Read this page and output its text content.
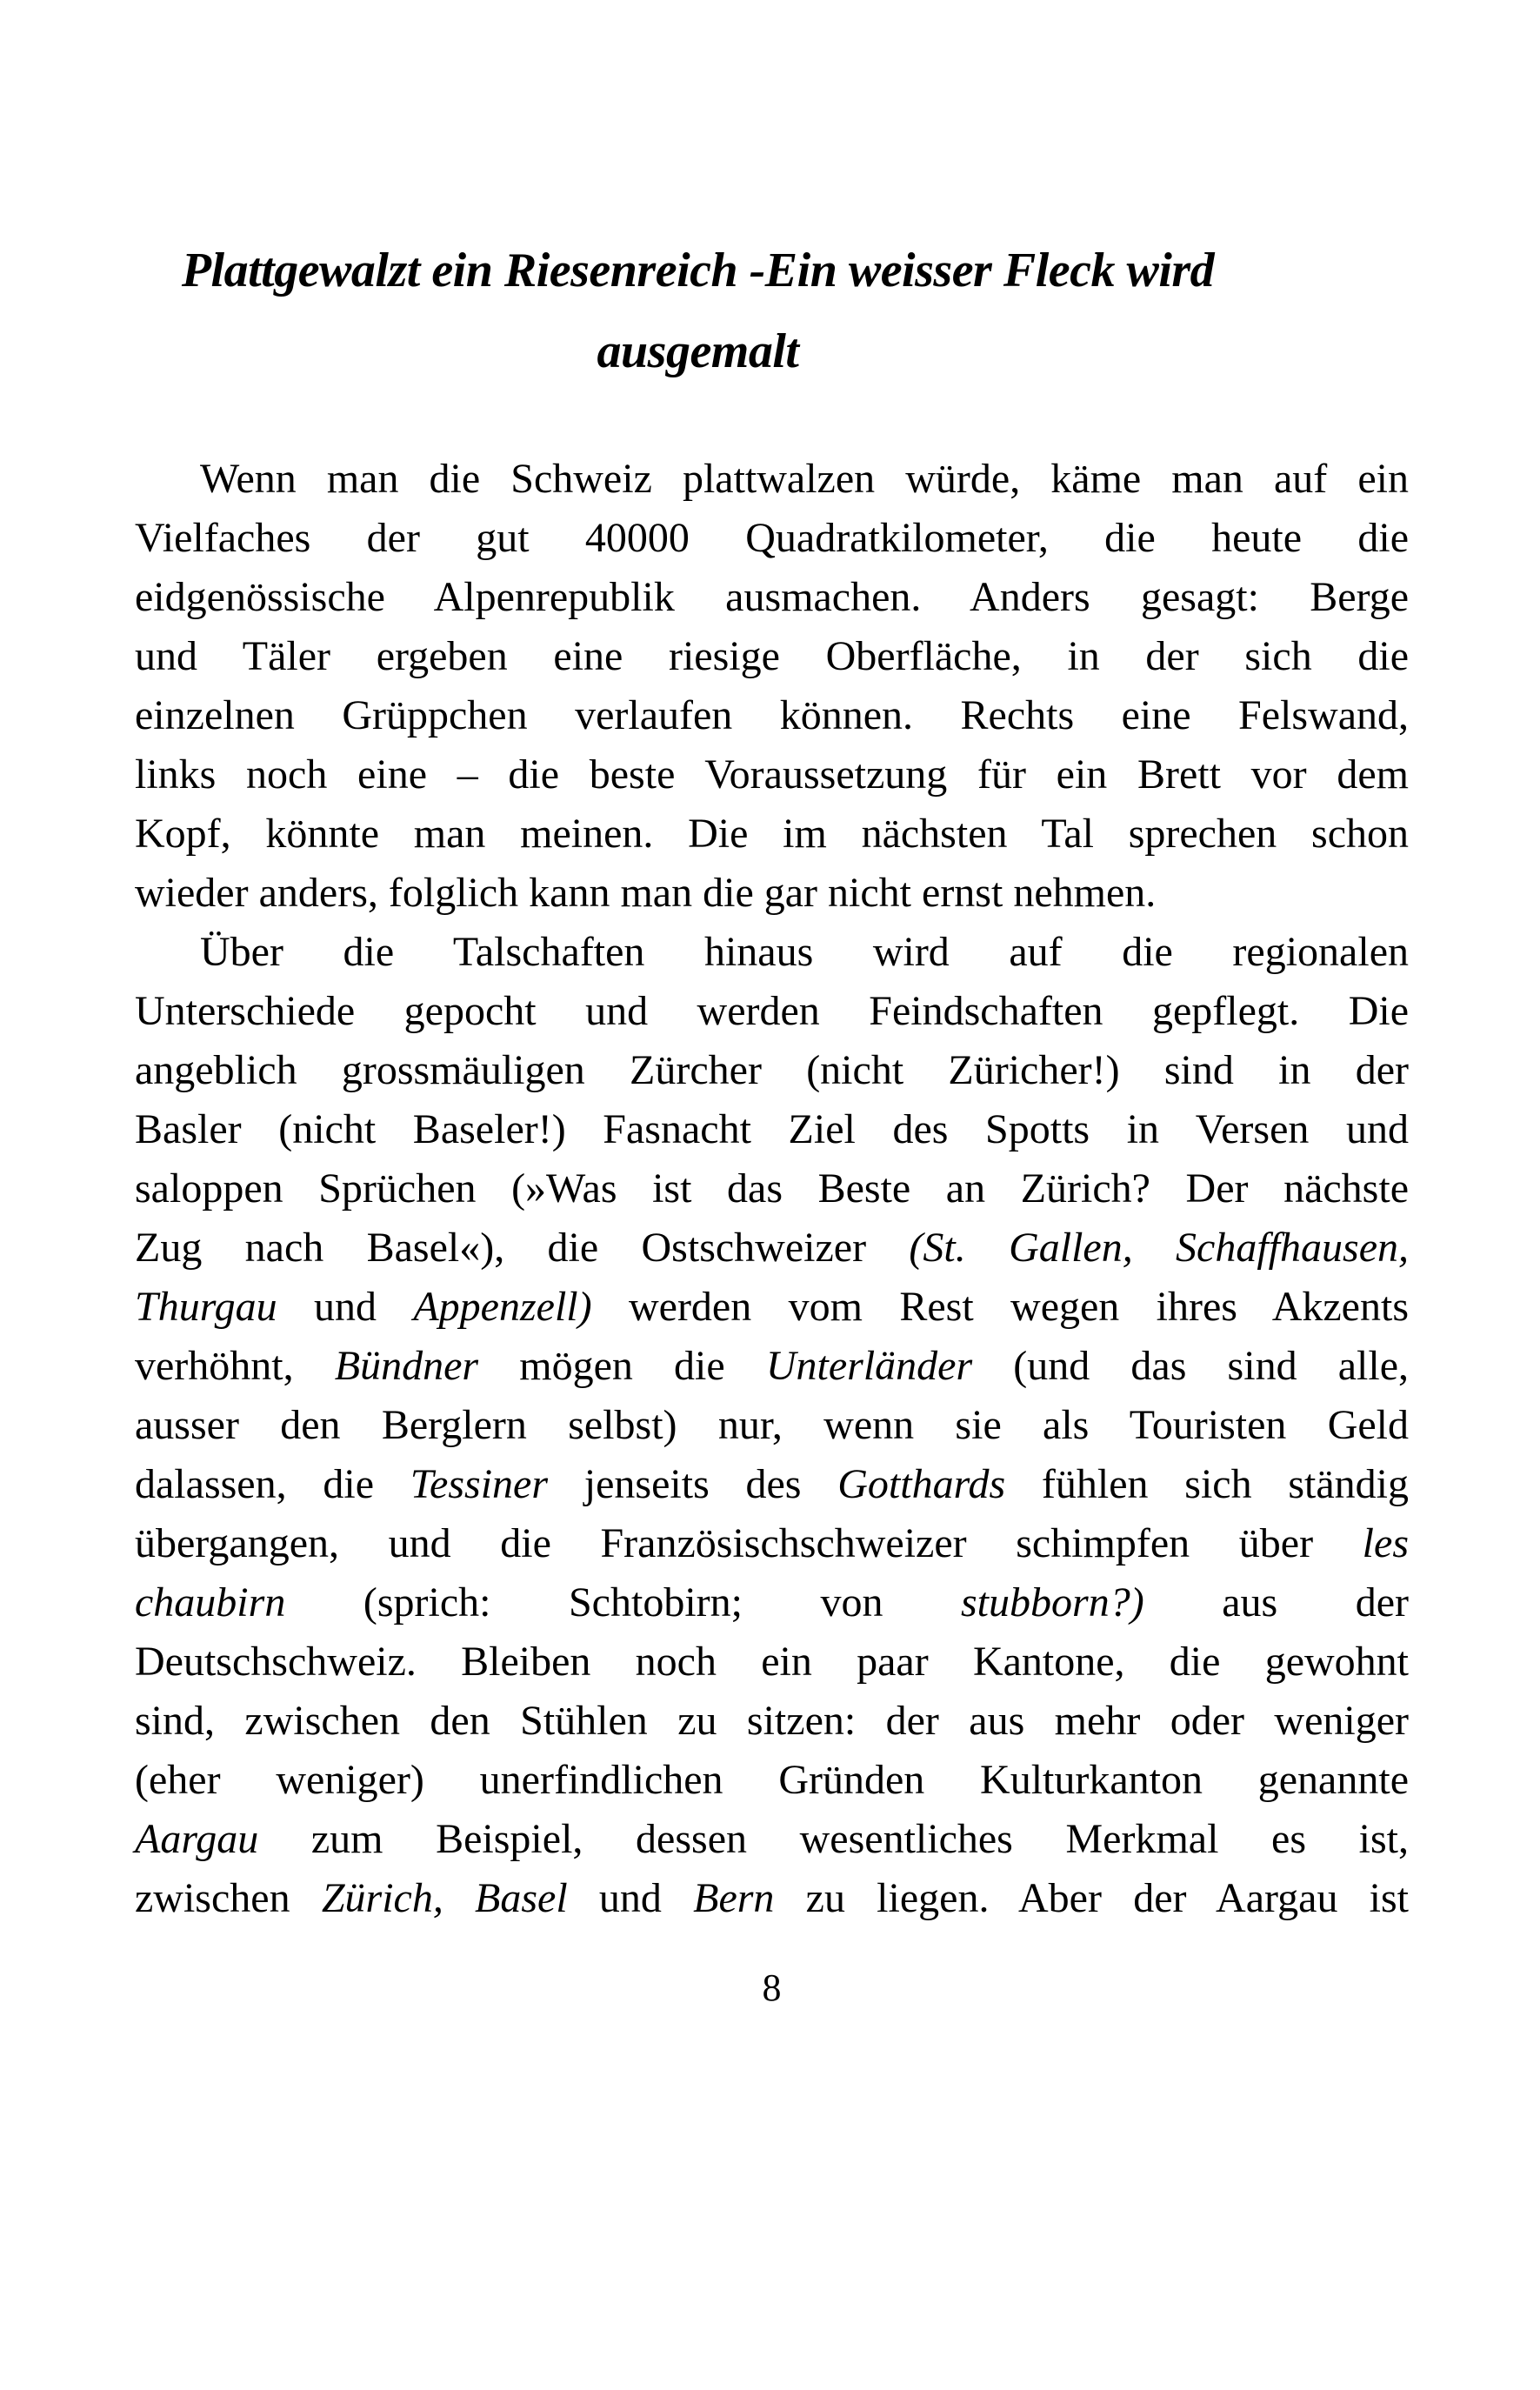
Plattgewalzt ein Riesenreich -Ein weisser Fleck wird
ausgemalt
Wenn man die Schweiz plattwalzen würde, käme man auf ein
Vielfaches der gut 40000 Quadratkilometer, die heute die
eidgenössische Alpenrepublik ausmachen. Anders gesagt: Berge
und Täler ergeben eine riesige Oberfläche, in der sich die
einzelnen Grüppchen verlaufen können. Rechts eine Felswand,
links noch eine – die beste Voraussetzung für ein Brett vor dem
Kopf, könnte man meinen. Die im nächsten Tal sprechen schon
wieder anders, folglich kann man die gar nicht ernst nehmen.
Über die Talschaften hinaus wird auf die regionalen
Unterschiede gepocht und werden Feindschaften gepflegt. Die
angeblich grossmäuligen Zürcher (nicht Züricher!) sind in der
Basler (nicht Baseler!) Fasnacht Ziel des Spotts in Versen und
saloppen Sprüchen (»Was ist das Beste an Zürich? Der nächste
Zug nach Basel«), die Ostschweizer (St. Gallen, Schaffhausen,
Thurgau und Appenzell) werden vom Rest wegen ihres Akzents
verhöhnt, Bündner mögen die Unterländer (und das sind alle,
ausser den Berglern selbst) nur, wenn sie als Touristen Geld
dalassen, die Tessiner jenseits des Gotthards fühlen sich ständig
übergangen, und die Französischschweizer schimpfen über les
chaubirn (sprich: Schtobirn; von stubborn?) aus der
Deutschschweiz. Bleiben noch ein paar Kantone, die gewohnt
sind, zwischen den Stühlen zu sitzen: der aus mehr oder weniger
(eher weniger) unerfindlichen Gründen Kulturkanton genannte
Aargau zum Beispiel, dessen wesentliches Merkmal es ist,
zwischen Zürich, Basel und Bern zu liegen. Aber der Aargau ist
8
